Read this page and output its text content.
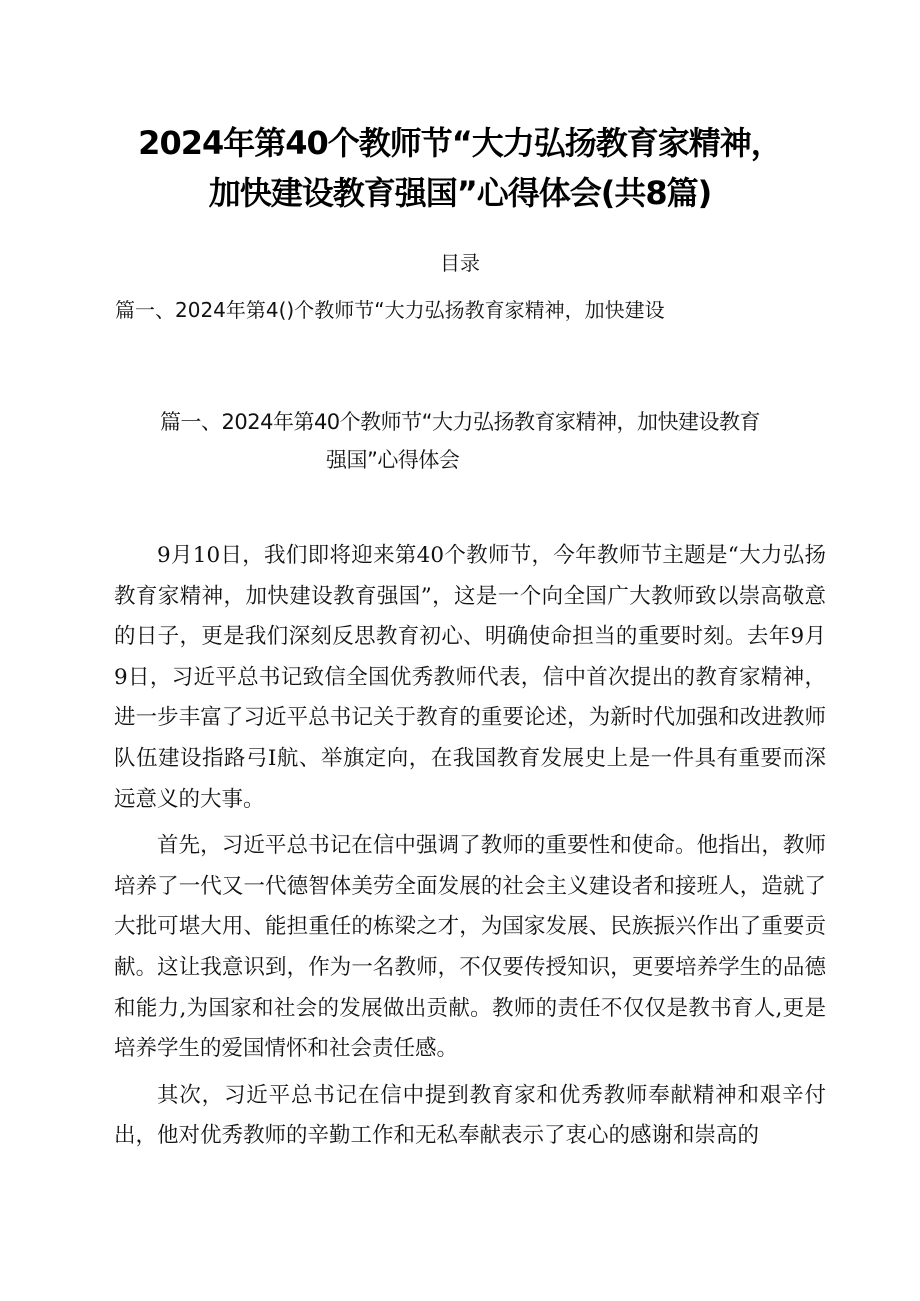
2024年第40个教师节“大力弘扬教育家精神，
加快建设教育强国”心得体会(共8篇)
目录
篇一、2024年第4()个教师节“大力弘扬教育家精神，加快建设
篇一、2024年第40个教师节“大力弘扬教育家精神，加快建设教育
强国”心得体会

9月10日，我们即将迎来第40个教师节，今年教师节主题是“大力弘扬教育家精神，加快建设教育强国”，这是一个向全国广大教师致以崇高敬意的日子，更是我们深刻反思教育初心、明确使命担当的重要时刻。去年9月9日，习近平总书记致信全国优秀教师代表，信中首次提出的教育家精神，进一步丰富了习近平总书记关于教育的重要论述，为新时代加强和改进教师队伍建设指路弓I航、举旗定向，在我国教育发展史上是一件具有重要而深远意义的大事。

首先，习近平总书记在信中强调了教师的重要性和使命。他指出，教师培养了一代又一代德智体美劳全面发展的社会主义建设者和接班人，造就了大批可堪大用、能担重任的栋梁之才，为国家发展、民族振兴作出了重要贡献。这让我意识到，作为一名教师，不仅要传授知识，更要培养学生的品德和能力,为国家和社会的发展做出贡献。教师的责任不仅仅是教书育人,更是培养学生的爱国情怀和社会责任感。

其次，习近平总书记在信中提到教育家和优秀教师奉献精神和艰辛付出，他对优秀教师的辛勤工作和无私奉献表示了衷心的感谢和崇高的
